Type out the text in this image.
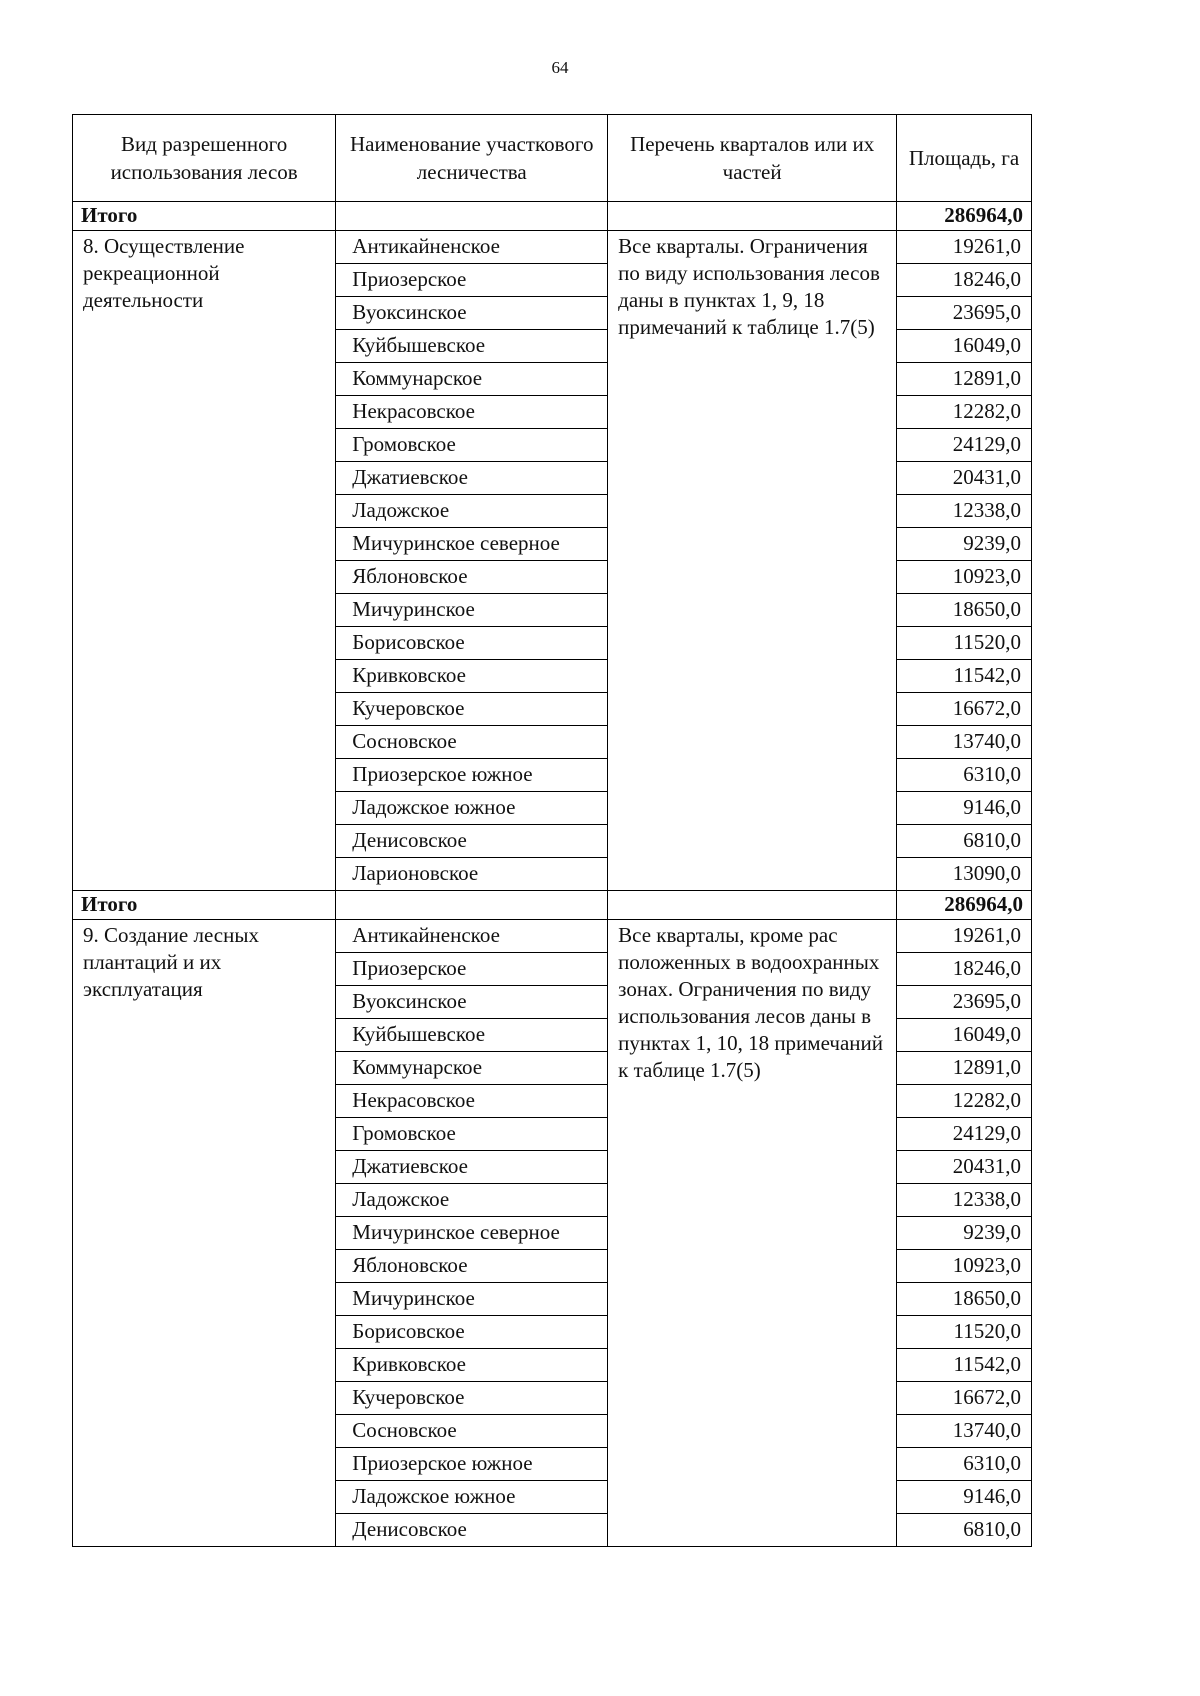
64
Вид разрешенного использования лесов	Наименование участкового лесничества	Перечень кварталов или их частей	Площадь, га
Итого			286964,0
8. Осуществление рекреационной деятельности	Антикайненское	Все кварталы. Ограничения по виду использования лесов даны в пунктах 1, 9, 18 примечаний к таблице 1.7(5)	19261,0
	Приозерское		18246,0
	Вуоксинское		23695,0
	Куйбышевское		16049,0
	Коммунарское		12891,0
	Некрасовское		12282,0
	Громовское		24129,0
	Джатиевское		20431,0
	Ладожское		12338,0
	Мичуринское северное		9239,0
	Яблоновское		10923,0
	Мичуринское		18650,0
	Борисовское		11520,0
	Кривковское		11542,0
	Кучеровское		16672,0
	Сосновское		13740,0
	Приозерское южное		6310,0
	Ладожское южное		9146,0
	Денисовское		6810,0
	Ларионовское		13090,0
Итого			286964,0
9. Создание лесных плантаций и их эксплуатация	Антикайненское	Все кварталы, кроме рас положенных в водоохранных зонах. Ограничения по виду использования лесов даны в пунктах 1, 10, 18 примечаний к таблице 1.7(5)	19261,0
	Приозерское		18246,0
	Вуоксинское		23695,0
	Куйбышевское		16049,0
	Коммунарское		12891,0
	Некрасовское		12282,0
	Громовское		24129,0
	Джатиевское		20431,0
	Ладожское		12338,0
	Мичуринское северное		9239,0
	Яблоновское		10923,0
	Мичуринское		18650,0
	Борисовское		11520,0
	Кривковское		11542,0
	Кучеровское		16672,0
	Сосновское		13740,0
	Приозерское южное		6310,0
	Ладожское южное		9146,0
	Денисовское		6810,0
